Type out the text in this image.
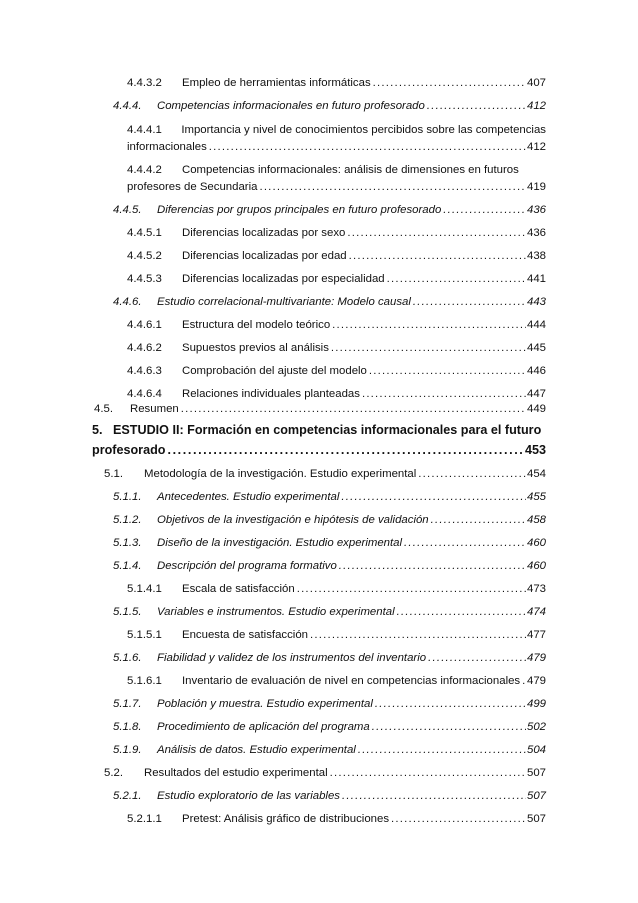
4.4.3.2	Empleo de herramientas informáticas .....	407
4.4.4.	Competencias informacionales en futuro profesorado .....	412
4.4.4.1	Importancia y nivel de conocimientos percibidos sobre las competencias
informacionales .....	412
4.4.4.2	Competencias informacionales: análisis de dimensiones en futuros
profesores de Secundaria .....	419
4.4.5.	Diferencias por grupos principales en futuro profesorado .....	436
4.4.5.1	Diferencias localizadas por sexo .....	436
4.4.5.2	Diferencias localizadas por edad .....	438
4.4.5.3	Diferencias localizadas por especialidad .....	441
4.4.6.	Estudio correlacional-multivariante: Modelo causal .....	443
4.4.6.1	Estructura del modelo teórico .....	444
4.4.6.2	Supuestos previos al análisis .....	445
4.4.6.3	Comprobación del ajuste del modelo .....	446
4.4.6.4	Relaciones individuales planteadas .....	447
4.5.	Resumen .....	449
5. ESTUDIO II: Formación en competencias informacionales para el futuro
profesorado .....	453
5.1.	Metodología de la investigación. Estudio experimental .....	454
5.1.1.	Antecedentes. Estudio experimental .....	455
5.1.2.	Objetivos de la investigación e hipótesis de validación .....	458
5.1.3.	Diseño de la investigación. Estudio experimental .....	460
5.1.4.	Descripción del programa formativo .....	460
5.1.4.1	Escala de satisfacción .....	473
5.1.5.	Variables e instrumentos. Estudio experimental .....	474
5.1.5.1	Encuesta de satisfacción .....	477
5.1.6.	Fiabilidad y validez de los instrumentos del inventario .....	479
5.1.6.1	Inventario de evaluación de nivel en competencias informacionales ..... 479
5.1.7.	Población y muestra. Estudio experimental .....	499
5.1.8.	Procedimiento de aplicación del programa .....	502
5.1.9.	Análisis de datos. Estudio experimental .....	504
5.2.	Resultados del estudio experimental .....	507
5.2.1.	Estudio exploratorio de las variables .....	507
5.2.1.1	Pretest: Análisis gráfico de distribuciones .....	507
